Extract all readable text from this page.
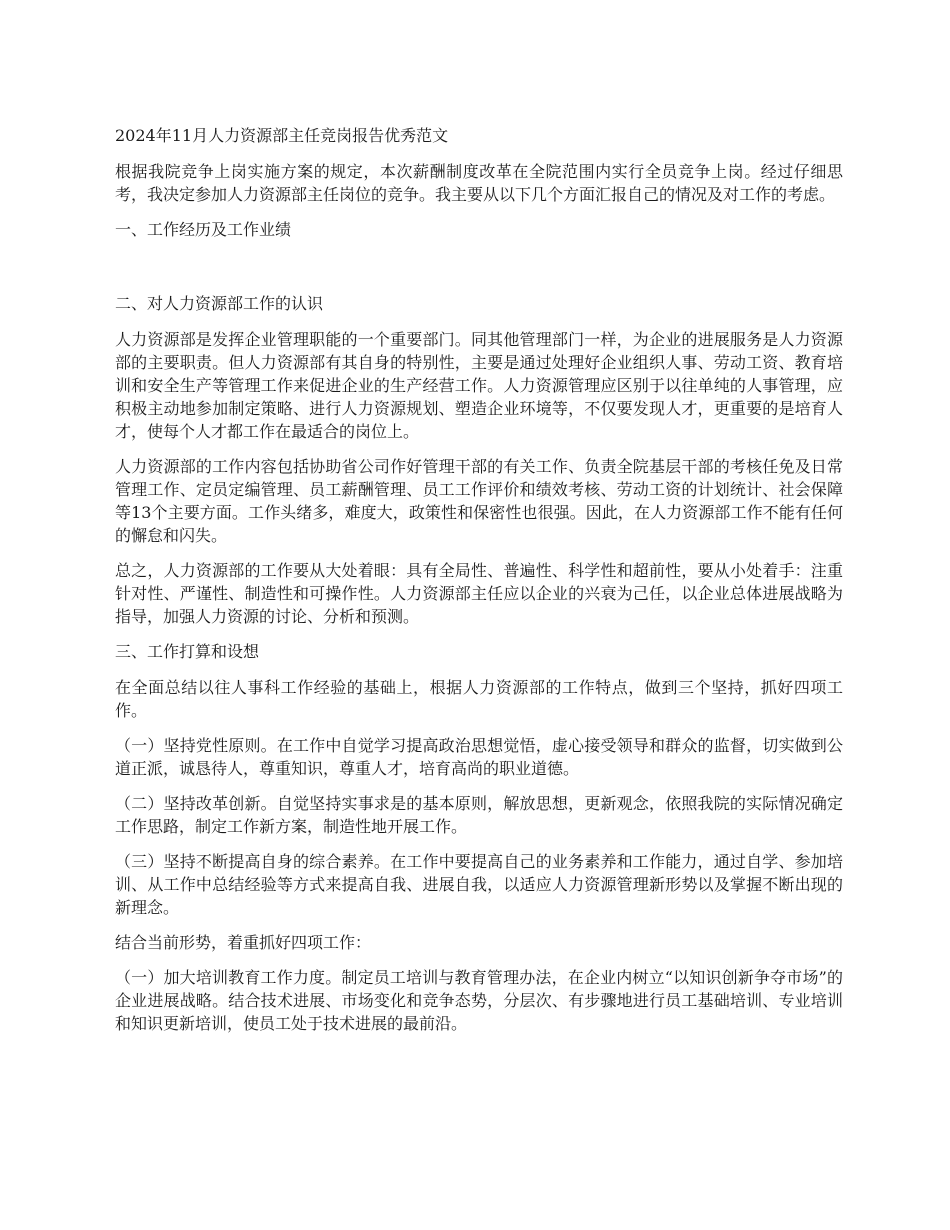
2024年11月人力资源部主任竞岗报告优秀范文

根据我院竞争上岗实施方案的规定，本次薪酬制度改革在全院范围内实行全员竞争上岗。经过仔细思考，我决定参加人力资源部主任岗位的竞争。我主要从以下几个方面汇报自己的情况及对工作的考虑。

一、工作经历及工作业绩

二、对人力资源部工作的认识

人力资源部是发挥企业管理职能的一个重要部门。同其他管理部门一样，为企业的进展服务是人力资源部的主要职责。但人力资源部有其自身的特别性，主要是通过处理好企业组织人事、劳动工资、教育培训和安全生产等管理工作来促进企业的生产经营工作。人力资源管理应区别于以往单纯的人事管理，应积极主动地参加制定策略、进行人力资源规划、塑造企业环境等，不仅要发现人才，更重要的是培育人才，使每个人才都工作在最适合的岗位上。

人力资源部的工作内容包括协助省公司作好管理干部的有关工作、负责全院基层干部的考核任免及日常管理工作、定员定编管理、员工薪酬管理、员工工作评价和绩效考核、劳动工资的计划统计、社会保障等13个主要方面。工作头绪多，难度大，政策性和保密性也很强。因此，在人力资源部工作不能有任何的懈怠和闪失。

总之，人力资源部的工作要从大处着眼：具有全局性、普遍性、科学性和超前性，要从小处着手：注重针对性、严谨性、制造性和可操作性。人力资源部主任应以企业的兴衰为己任，以企业总体进展战略为指导，加强人力资源的讨论、分析和预测。

三、工作打算和设想

在全面总结以往人事科工作经验的基础上，根据人力资源部的工作特点，做到三个坚持，抓好四项工作。

（一）坚持党性原则。在工作中自觉学习提高政治思想觉悟，虚心接受领导和群众的监督，切实做到公道正派，诚恳待人，尊重知识，尊重人才，培育高尚的职业道德。

（二）坚持改革创新。自觉坚持实事求是的基本原则，解放思想，更新观念，依照我院的实际情况确定工作思路，制定工作新方案，制造性地开展工作。

（三）坚持不断提高自身的综合素养。在工作中要提高自己的业务素养和工作能力，通过自学、参加培训、从工作中总结经验等方式来提高自我、进展自我，以适应人力资源管理新形势以及掌握不断出现的新理念。

结合当前形势，着重抓好四项工作：

（一）加大培训教育工作力度。制定员工培训与教育管理办法，在企业内树立“以知识创新争夺市场”的企业进展战略。结合技术进展、市场变化和竞争态势，分层次、有步骤地进行员工基础培训、专业培训和知识更新培训，使员工处于技术进展的最前沿。
